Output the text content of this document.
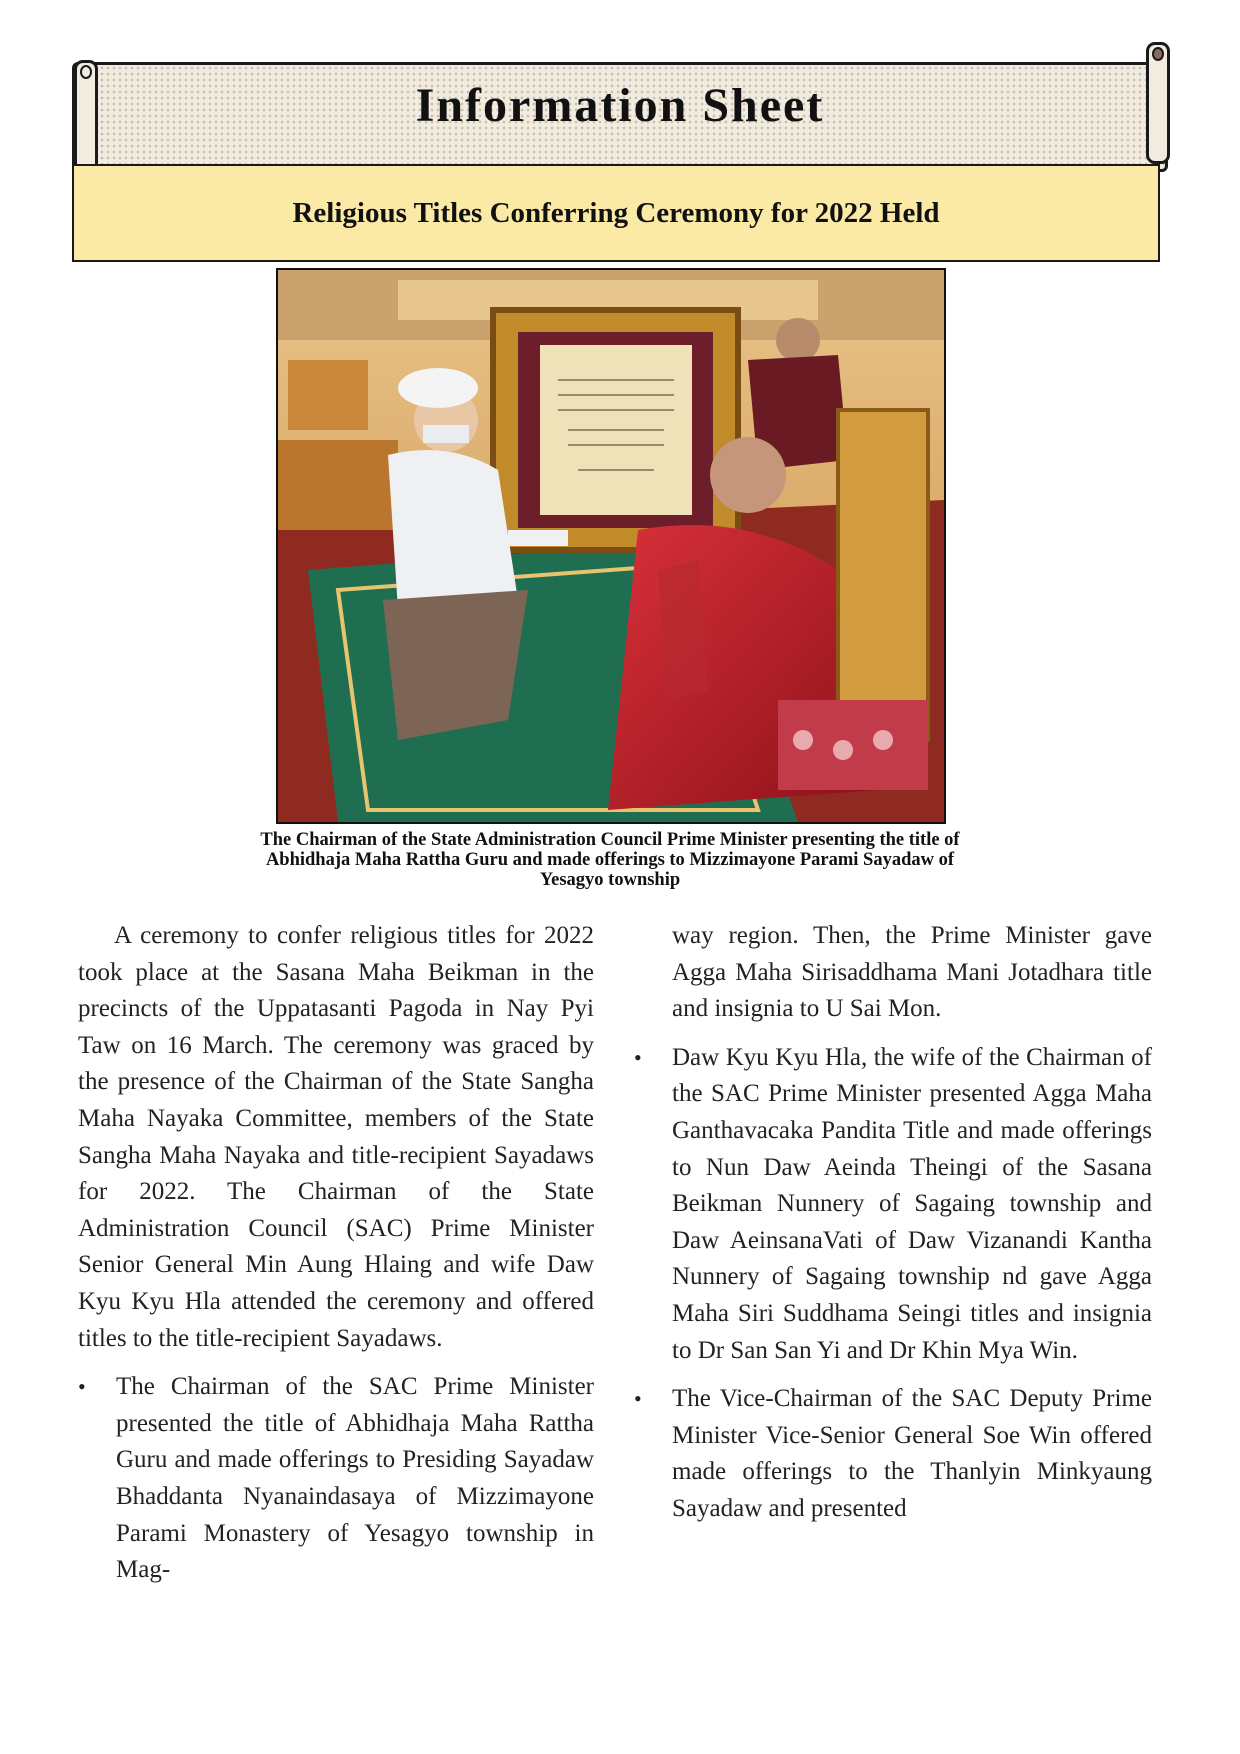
Information Sheet
Religious Titles Conferring Ceremony for 2022 Held
The Chairman of the State Administration Council Prime Minister presenting the title of Abhidhaja Maha Rattha Guru and made offerings to Mizzimayone Parami Sayadaw of Yesagyo township

A ceremony to confer religious titles for 2022 took place at the Sasana Maha Beikman in the precincts of the Uppatasanti Pagoda in Nay Pyi Taw on 16 March. The ceremony was graced by the presence of the Chairman of the State Sangha Maha Nayaka Committee, members of the State Sangha Maha Nayaka and title-recipient Sayadaws for 2022. The Chairman of the State Administration Council (SAC) Prime Minister Senior General Min Aung Hlaing and wife Daw Kyu Kyu Hla attended the ceremony and offered titles to the title-recipient Sayadaws.

•	The Chairman of the SAC Prime Minister presented the title of Abhidhaja Maha Rattha Guru and made offerings to Presiding Sayadaw Bhaddanta Nyanaindasaya of Mizzimayone Parami Monastery of Yesagyo township in Mag-

way region. Then, the Prime Minister gave Agga Maha Sirisaddhama Mani Jotadhara title and insignia to U Sai Mon.

•	Daw Kyu Kyu Hla, the wife of the Chairman of the SAC Prime Minister presented Agga Maha Ganthavacaka Pandita Title and made offerings to Nun Daw Aeinda Theingi of the Sasana Beikman Nunnery of Sagaing township and Daw AeinsanaVati of Daw Vizanandi Kantha Nunnery of Sagaing township nd gave Agga Maha Siri Suddhama Seingi titles and insignia to Dr San San Yi and Dr Khin Mya Win.
•	The Vice-Chairman of the SAC Deputy Prime Minister Vice-Senior General Soe Win offered made offerings to the Thanlyin Minkyaung Sayadaw and presented
